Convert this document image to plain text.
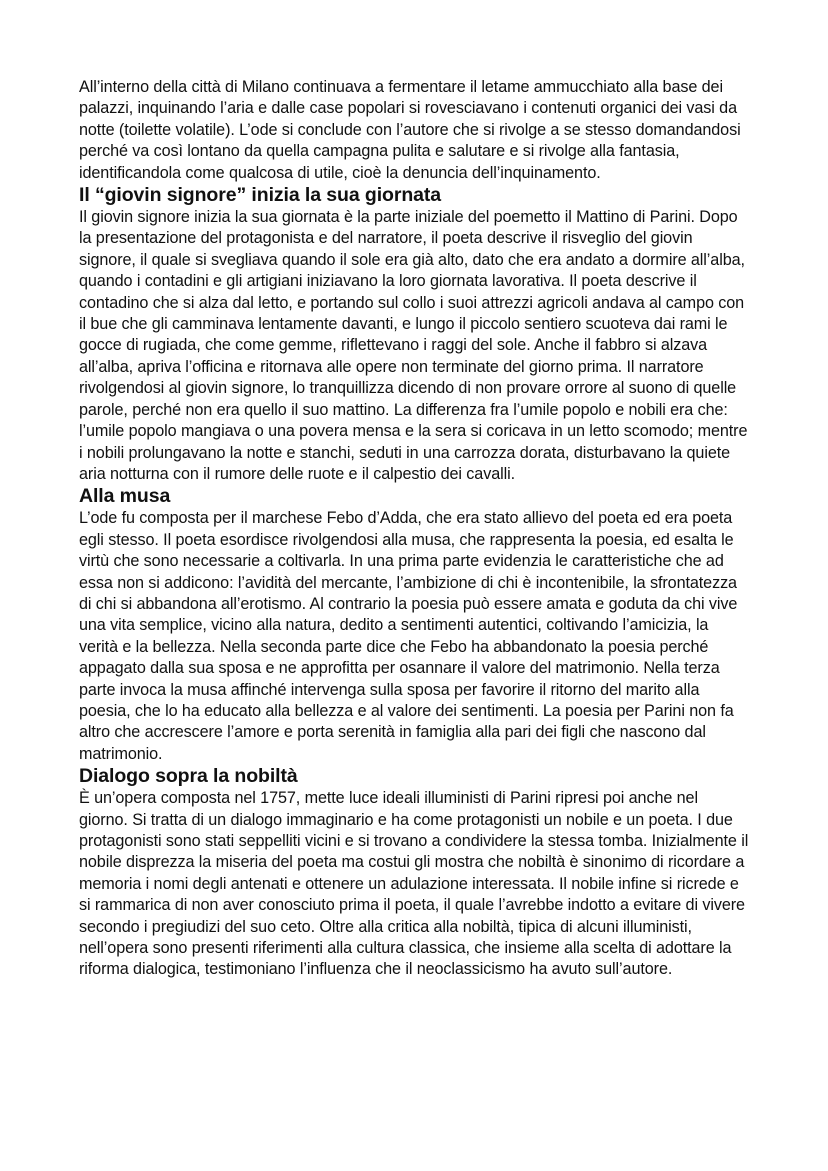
All’interno della città di Milano continuava a fermentare il letame ammucchiato alla base dei palazzi, inquinando l’aria e dalle case popolari si rovesciavano i contenuti organici dei vasi da notte (toilette volatile). L’ode si conclude con l’autore che si rivolge a se stesso domandandosi perché va così lontano da quella campagna pulita e salutare e si rivolge alla fantasia, identificandola come qualcosa di utile, cioè la denuncia dell’inquinamento.

Il “giovin signore” inizia la sua giornata

Il giovin signore inizia la sua giornata è la parte iniziale del poemetto il Mattino di Parini. Dopo la presentazione del protagonista e del narratore, il poeta descrive il risveglio del giovin signore, il quale si svegliava quando il sole era già alto, dato che era andato a dormire all’alba, quando i contadini e gli artigiani iniziavano la loro giornata lavorativa. Il poeta descrive il contadino che si alza dal letto, e portando sul collo i suoi attrezzi agricoli andava al campo con il bue che gli camminava lentamente davanti, e lungo il piccolo sentiero scuoteva dai rami le gocce di rugiada, che come gemme, riflettevano i raggi del sole. Anche il fabbro si alzava all’alba, apriva l’officina e ritornava alle opere non terminate del giorno prima. Il narratore rivolgendosi al giovin signore, lo tranquillizza dicendo di non provare orrore al suono di quelle parole, perché non era quello il suo mattino. La differenza fra l’umile popolo e nobili era che: l’umile popolo mangiava o una povera mensa e la sera si coricava in un letto scomodo; mentre i nobili prolungavano la notte e stanchi, seduti in una carrozza dorata, disturbavano la quiete aria notturna con il rumore delle ruote e il calpestio dei cavalli.

Alla musa

L’ode fu composta per il marchese Febo d’Adda, che era stato allievo del poeta ed era poeta egli stesso. Il poeta esordisce rivolgendosi alla musa, che rappresenta la poesia, ed esalta le virtù che sono necessarie a coltivarla. In una prima parte evidenzia le caratteristiche che ad essa non si addicono: l’avidità del mercante, l’ambizione di chi è incontenibile, la sfrontatezza di chi si abbandona all’erotismo. Al contrario la poesia può essere amata e goduta da chi vive una vita semplice, vicino alla natura, dedito a sentimenti autentici, coltivando l’amicizia, la verità e la bellezza. Nella seconda parte dice che Febo ha abbandonato la poesia perché appagato dalla sua sposa e ne approfitta per osannare il valore del matrimonio. Nella terza parte invoca la musa affinché intervenga sulla sposa per favorire il ritorno del marito alla poesia, che lo ha educato alla bellezza e al valore dei sentimenti. La poesia per Parini non fa altro che accrescere l’amore e porta serenità in famiglia alla pari dei figli che nascono dal matrimonio.

Dialogo sopra la nobiltà

È un’opera composta nel 1757, mette luce ideali illuministi di Parini ripresi poi anche nel giorno. Si tratta di un dialogo immaginario e ha come protagonisti un nobile e un poeta. I due protagonisti sono stati seppelliti vicini e si trovano a condividere la stessa tomba. Inizialmente il nobile disprezza la miseria del poeta ma costui gli mostra che nobiltà è sinonimo di ricordare a memoria i nomi degli antenati e ottenere un adulazione interessata. Il nobile infine si ricrede e si rammarica di non aver conosciuto prima il poeta, il quale l’avrebbe indotto a evitare di vivere secondo i pregiudizi del suo ceto. Oltre alla critica alla nobiltà, tipica di alcuni illuministi, nell’opera sono presenti riferimenti alla cultura classica, che insieme alla scelta di adottare la riforma dialogica, testimoniano l’influenza che il neoclassicismo ha avuto sull’autore.
